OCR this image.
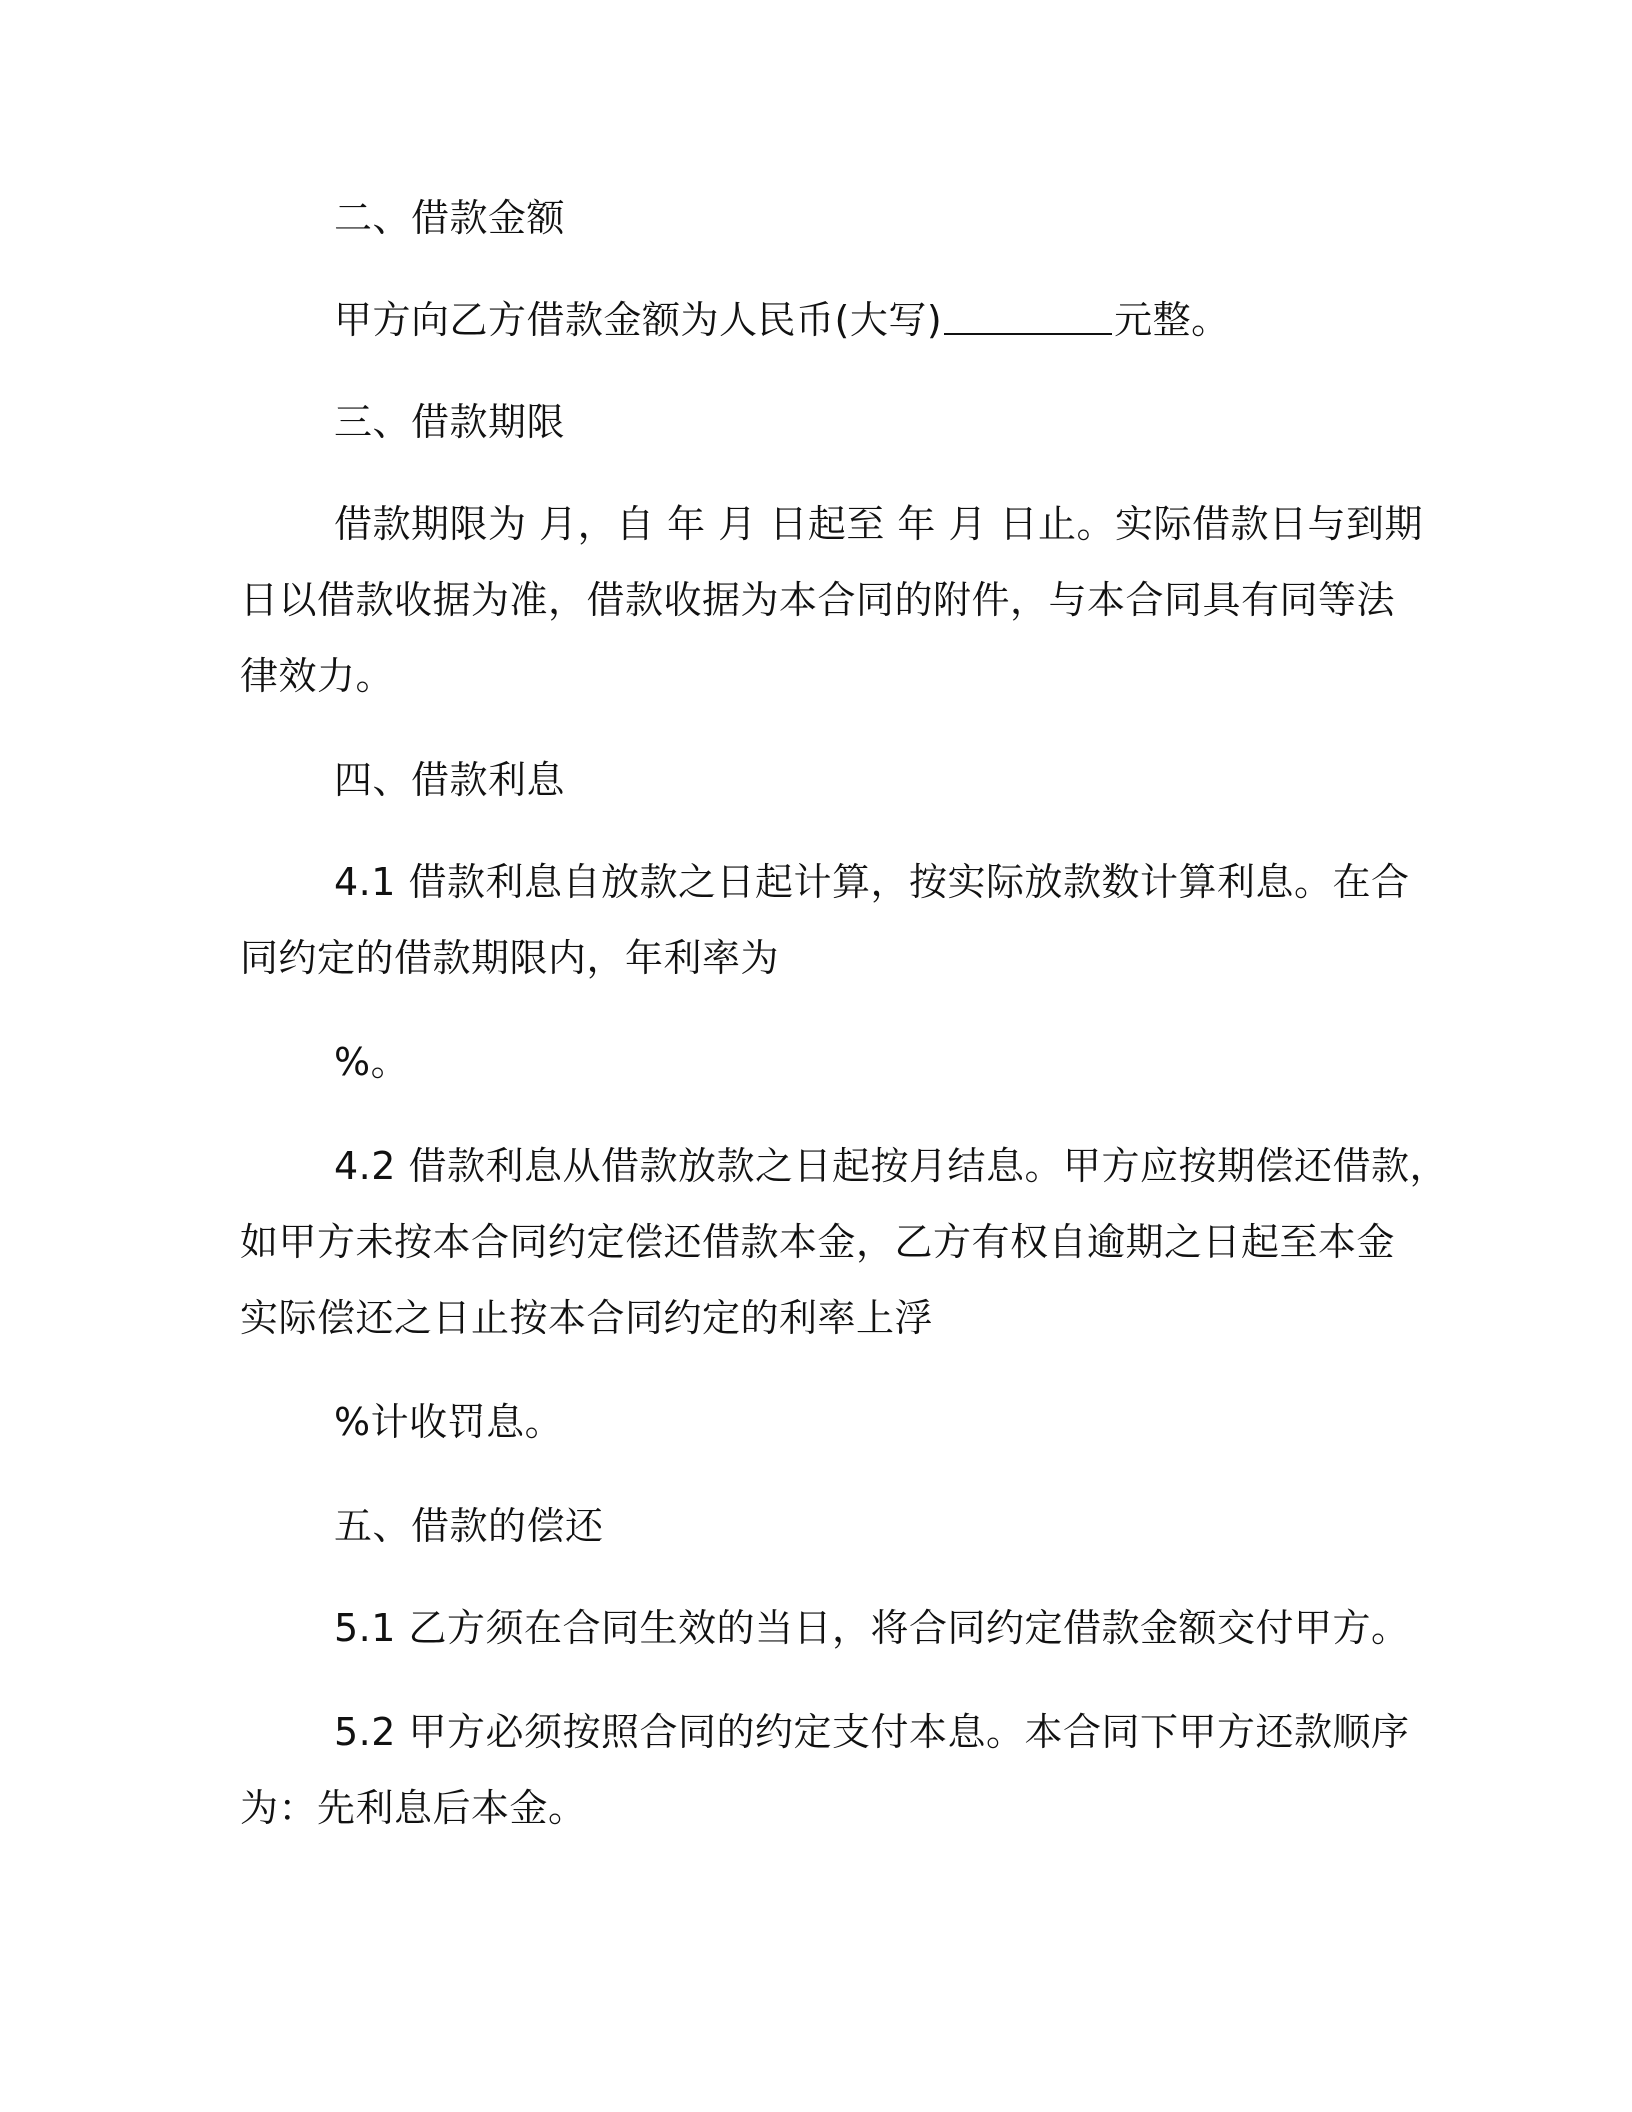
二、借款金额
甲方向乙方借款金额为人民币(大写)	元整。
三、借款期限
借款期限为 月，自 年 月 日起至 年 月 日止。实际借款日与到期
日以借款收据为准，借款收据为本合同的附件，与本合同具有同等法
律效力。
四、借款利息
4.1 借款利息自放款之日起计算，按实际放款数计算利息。在合
同约定的借款期限内，年利率为
%。
4.2 借款利息从借款放款之日起按月结息。甲方应按期偿还借款，
如甲方未按本合同约定偿还借款本金，乙方有权自逾期之日起至本金
实际偿还之日止按本合同约定的利率上浮
%计收罚息。
五、借款的偿还
5.1 乙方须在合同生效的当日，将合同约定借款金额交付甲方。
5.2 甲方必须按照合同的约定支付本息。本合同下甲方还款顺序
为：先利息后本金。
